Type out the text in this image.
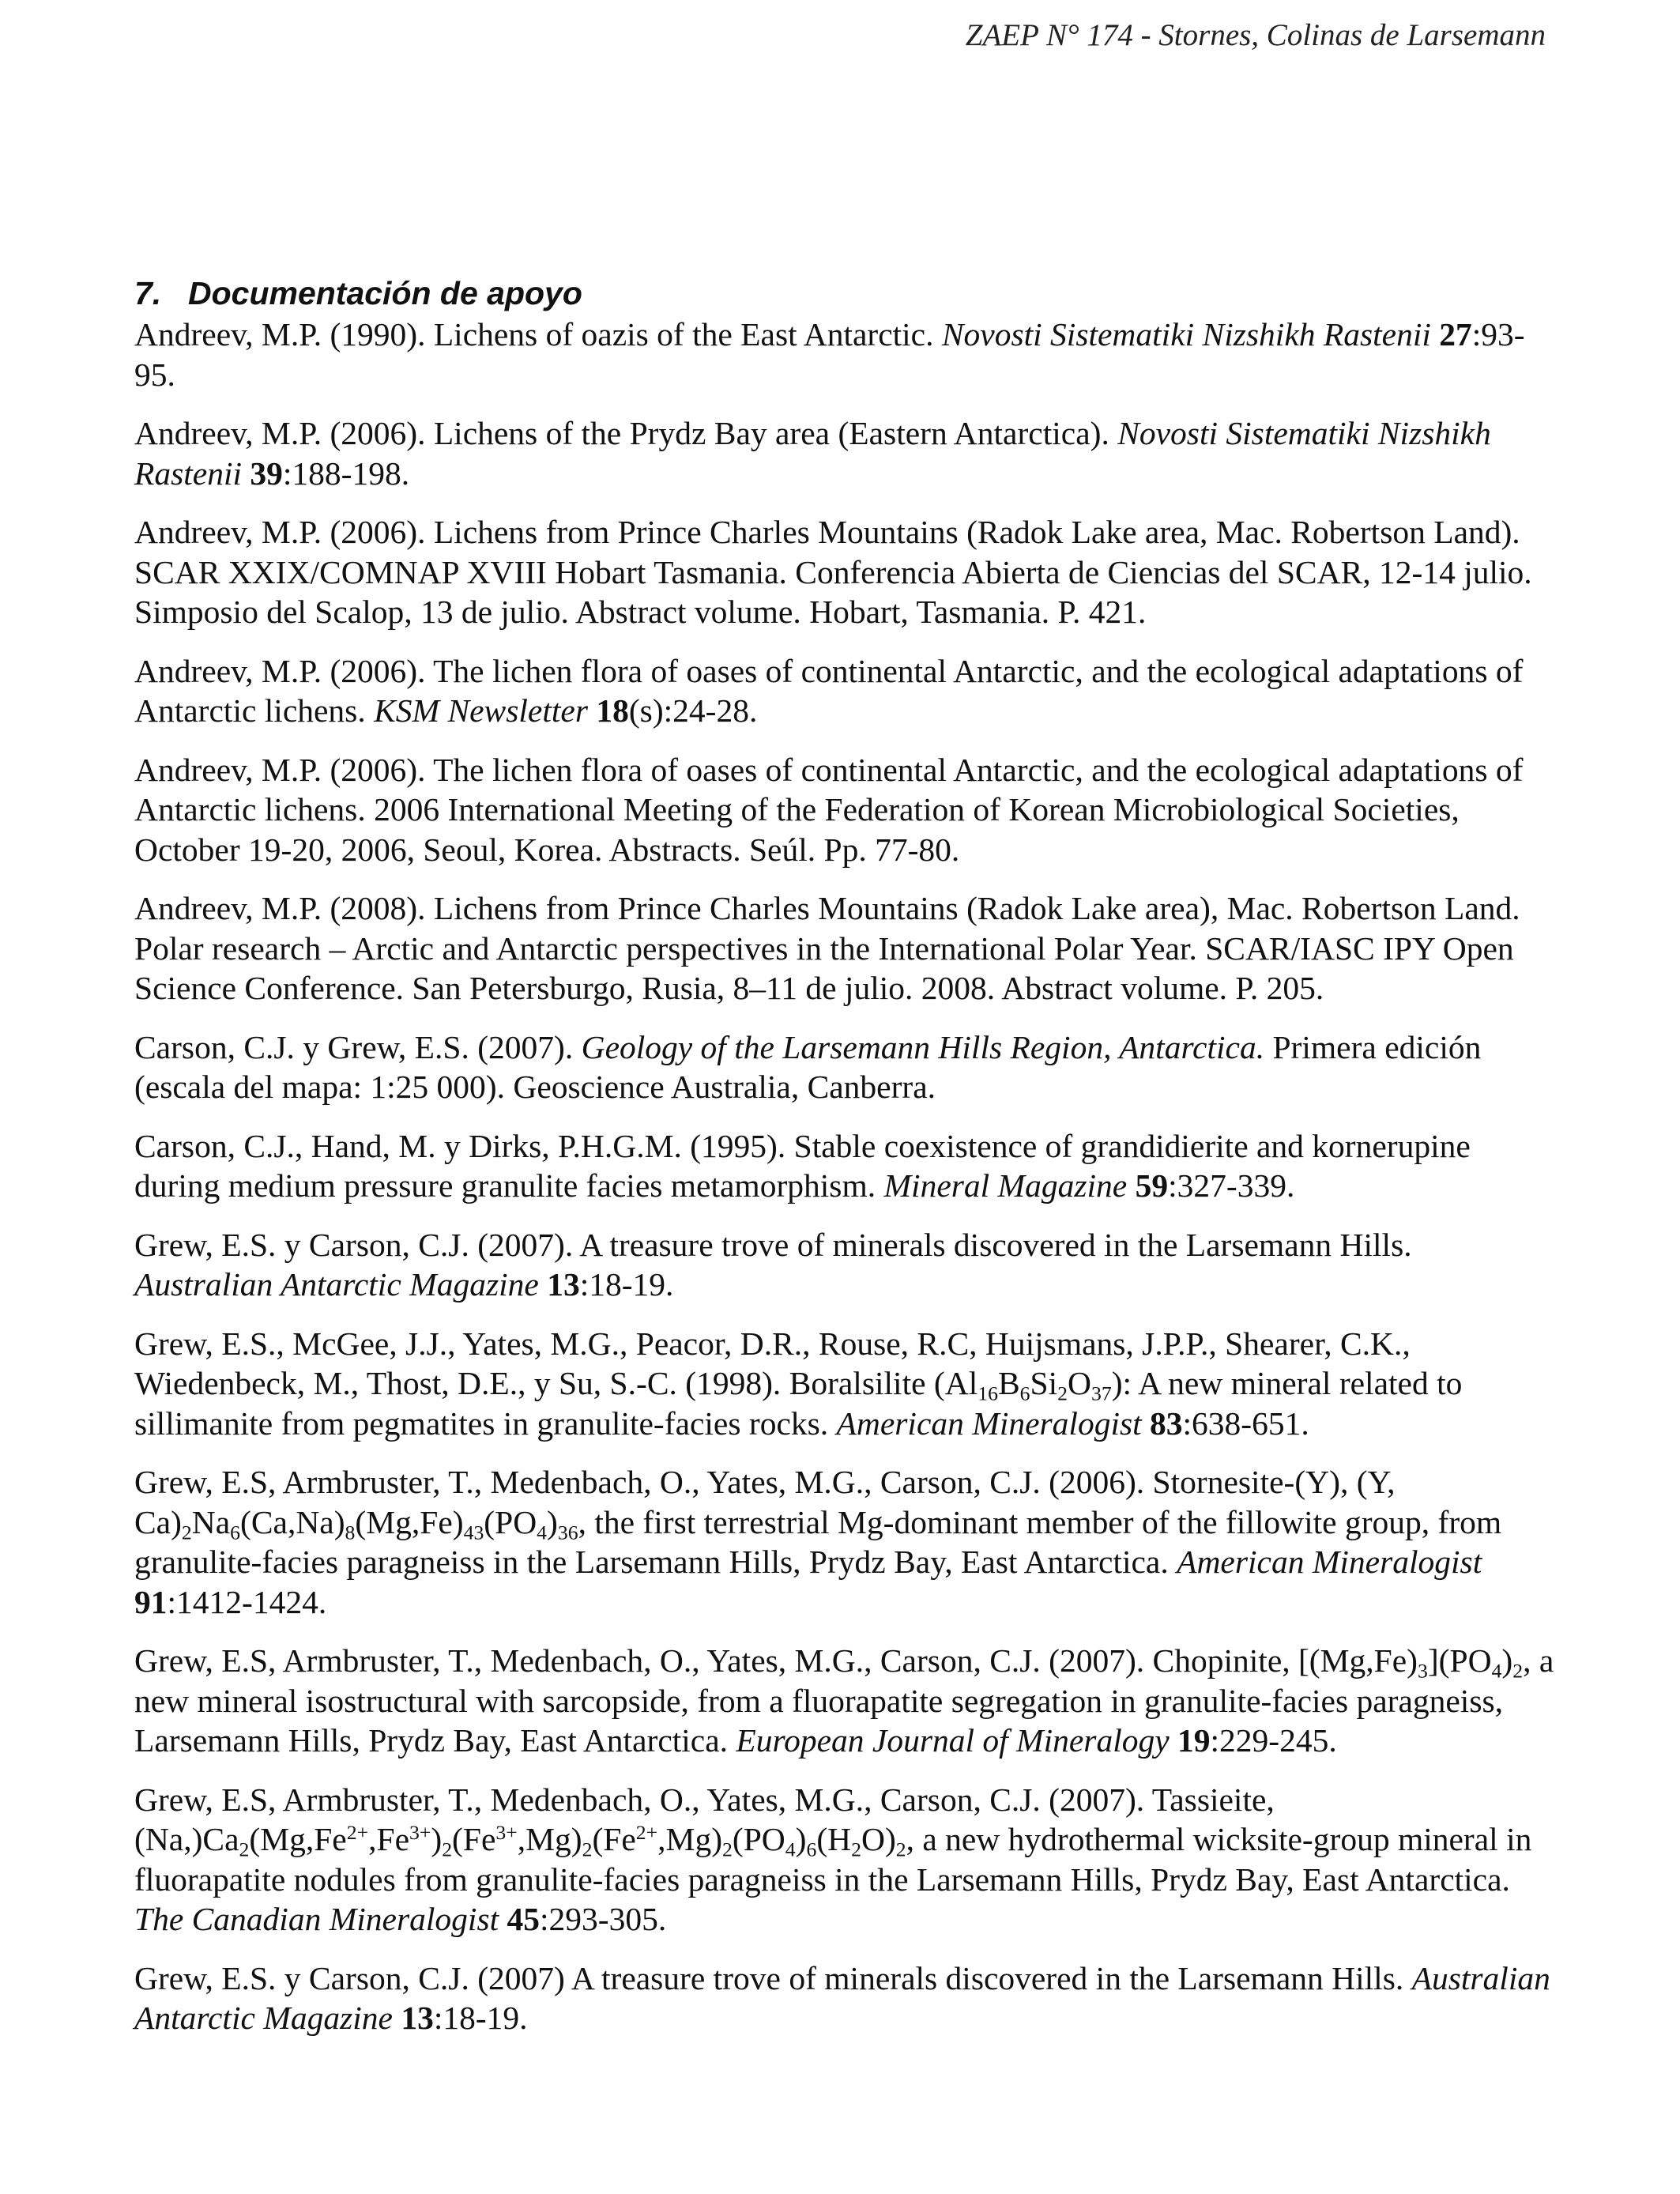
ZAEP N° 174 - Stornes, Colinas de Larsemann
7. Documentación de apoyo

Andreev, M.P. (1990). Lichens of oazis of the East Antarctic. Novosti Sistematiki Nizshikh Rastenii 27:93-95.

Andreev, M.P. (2006). Lichens of the Prydz Bay area (Eastern Antarctica). Novosti Sistematiki Nizshikh Rastenii 39:188-198.

Andreev, M.P. (2006). Lichens from Prince Charles Mountains (Radok Lake area, Mac. Robertson Land). SCAR XXIX/COMNAP XVIII Hobart Tasmania. Conferencia Abierta de Ciencias del SCAR, 12-14 julio. Simposio del Scalop, 13 de julio. Abstract volume. Hobart, Tasmania. P. 421.

Andreev, M.P. (2006). The lichen flora of oases of continental Antarctic, and the ecological adaptations of Antarctic lichens. KSM Newsletter 18(s):24-28.

Andreev, M.P. (2006). The lichen flora of oases of continental Antarctic, and the ecological adaptations of Antarctic lichens. 2006 International Meeting of the Federation of Korean Microbiological Societies, October 19-20, 2006, Seoul, Korea. Abstracts. Seúl. Pp. 77-80.

Andreev, M.P. (2008). Lichens from Prince Charles Mountains (Radok Lake area), Mac. Robertson Land. Polar research – Arctic and Antarctic perspectives in the International Polar Year. SCAR/IASC IPY Open Science Conference. San Petersburgo, Rusia, 8–11 de julio. 2008. Abstract volume. P. 205.

Carson, C.J. y Grew, E.S. (2007). Geology of the Larsemann Hills Region, Antarctica. Primera edición (escala del mapa: 1:25 000). Geoscience Australia, Canberra.

Carson, C.J., Hand, M. y Dirks, P.H.G.M. (1995). Stable coexistence of grandidierite and kornerupine during medium pressure granulite facies metamorphism. Mineral Magazine 59:327-339.

Grew, E.S. y Carson, C.J. (2007). A treasure trove of minerals discovered in the Larsemann Hills. Australian Antarctic Magazine 13:18-19.

Grew, E.S., McGee, J.J., Yates, M.G., Peacor, D.R., Rouse, R.C, Huijsmans, J.P.P., Shearer, C.K., Wiedenbeck, M., Thost, D.E., y Su, S.-C. (1998). Boralsilite $(Al_{16}B_6Si_2O_{37})$: A new mineral related to sillimanite from pegmatites in granulite-facies rocks. American Mineralogist 83:638-651.

Grew, E.S, Armbruster, T., Medenbach, O., Yates, M.G., Carson, C.J. (2006). Stornesite-(Y), (Y, $Ca)_2Na_6(Ca,Na)_8(Mg,Fe)_{43}(PO_4)_{36}$, the first terrestrial Mg-dominant member of the fillowite group, from granulite-facies paragneiss in the Larsemann Hills, Prydz Bay, East Antarctica. American Mineralogist 91:1412-1424.

Grew, E.S, Armbruster, T., Medenbach, O., Yates, M.G., Carson, C.J. (2007). Chopinite, $[(Mg,Fe)_3](PO_4)_2$, a new mineral isostructural with sarcopside, from a fluorapatite segregation in granulite-facies paragneiss, Larsemann Hills, Prydz Bay, East Antarctica. European Journal of Mineralogy 19:229-245.

Grew, E.S, Armbruster, T., Medenbach, O., Yates, M.G., Carson, C.J. (2007). Tassieite, $(Na,)Ca_2(Mg,Fe^{2+},Fe^{3+})_2(Fe^{3+},Mg)_2(Fe^{2+},Mg)_2(PO_4)_6(H_2O)_2$, a new hydrothermal wicksite-group mineral in fluorapatite nodules from granulite-facies paragneiss in the Larsemann Hills, Prydz Bay, East Antarctica. The Canadian Mineralogist 45:293-305.

Grew, E.S. y Carson, C.J. (2007) A treasure trove of minerals discovered in the Larsemann Hills. Australian Antarctic Magazine 13:18-19.
